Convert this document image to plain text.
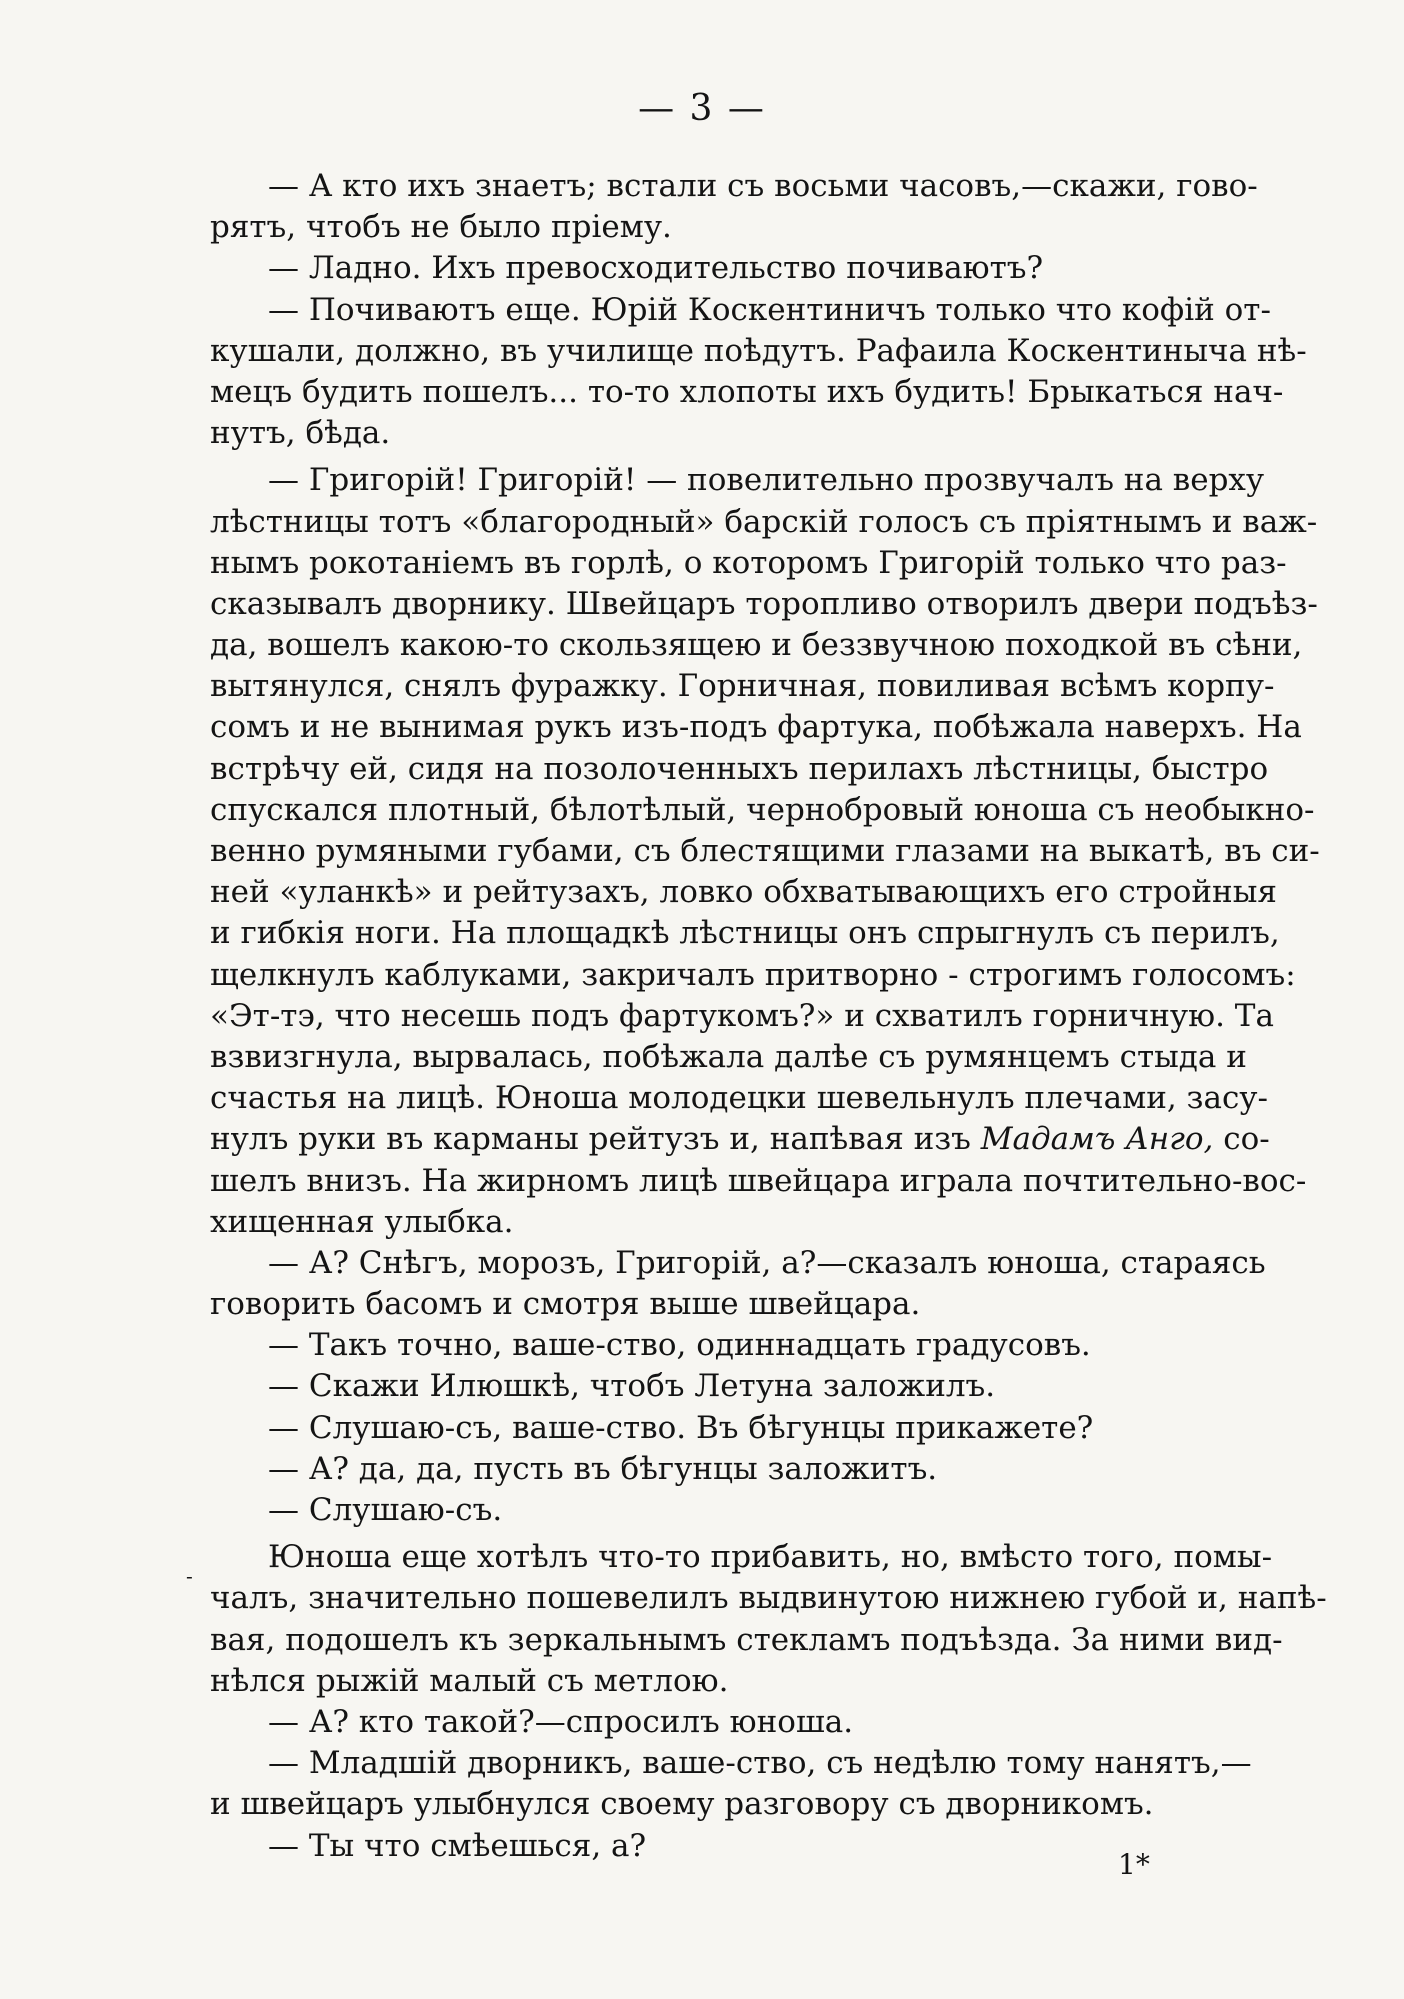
— 3 —
— А кто ихъ знаетъ; встали съ восьми часовъ,—скажи, гово-
рятъ, чтобъ не было пріему.
— Ладно. Ихъ превосходительство почиваютъ?
— Почиваютъ еще. Юрій Коскентиничъ только что кофій от-
кушали, должно, въ училище поѣдутъ. Рафаила Коскентиныча нѣ-
мецъ будить пошелъ... то-то хлопоты ихъ будить! Брыкаться нач-
нутъ, бѣда.
— Григорій! Григорій! — повелительно прозвучалъ на верху
лѣстницы тотъ «благородный» барскій голосъ съ пріятнымъ и важ-
нымъ рокотаніемъ въ горлѣ, о которомъ Григорій только что раз-
сказывалъ дворнику. Швейцаръ торопливо отворилъ двери подъѣз-
да, вошелъ какою-то скользящею и беззвучною походкой въ сѣни,
вытянулся, снялъ фуражку. Горничная, повиливая всѣмъ корпу-
сомъ и не вынимая рукъ изъ-подъ фартука, побѣжала наверхъ. На
встрѣчу ей, сидя на позолоченныхъ перилахъ лѣстницы, быстро
спускался плотный, бѣлотѣлый, чернобровый юноша съ необыкно-
венно румяными губами, съ блестящими глазами на выкатѣ, въ си-
ней «уланкѣ» и рейтузахъ, ловко обхватывающихъ его стройныя
и гибкія ноги. На площадкѣ лѣстницы онъ спрыгнулъ съ перилъ,
щелкнулъ каблуками, закричалъ притворно - строгимъ голосомъ:
«Эт-тэ, что несешь подъ фартукомъ?» и схватилъ горничную. Та
взвизгнула, вырвалась, побѣжала далѣе съ румянцемъ стыда и
счастья на лицѣ. Юноша молодецки шевельнулъ плечами, засу-
нулъ руки въ карманы рейтузъ и, напѣвая изъ Мадамъ Анго, со-
шелъ внизъ. На жирномъ лицѣ швейцара играла почтительно-вос-
хищенная улыбка.
— А? Снѣгъ, морозъ, Григорій, а?—сказалъ юноша, стараясь
говорить басомъ и смотря выше швейцара.
— Такъ точно, ваше-ство, одиннадцать градусовъ.
— Скажи Илюшкѣ, чтобъ Летуна заложилъ.
— Слушаю-съ, ваше-ство. Въ бѣгунцы прикажете?
— А? да, да, пусть въ бѣгунцы заложитъ.
— Слушаю-съ.
Юноша еще хотѣлъ что-то прибавить, но, вмѣсто того, помы-
чалъ, значительно пошевелилъ выдвинутою нижнею губой и, напѣ-
вая, подошелъ къ зеркальнымъ стекламъ подъѣзда. За ними вид-
нѣлся рыжій малый съ метлою.
— А? кто такой?—спросилъ юноша.
— Младшій дворникъ, ваше-ство, съ недѣлю тому нанятъ,—
и швейцаръ улыбнулся своему разговору съ дворникомъ.
— Ты что смѣешься, а?
-
1*
